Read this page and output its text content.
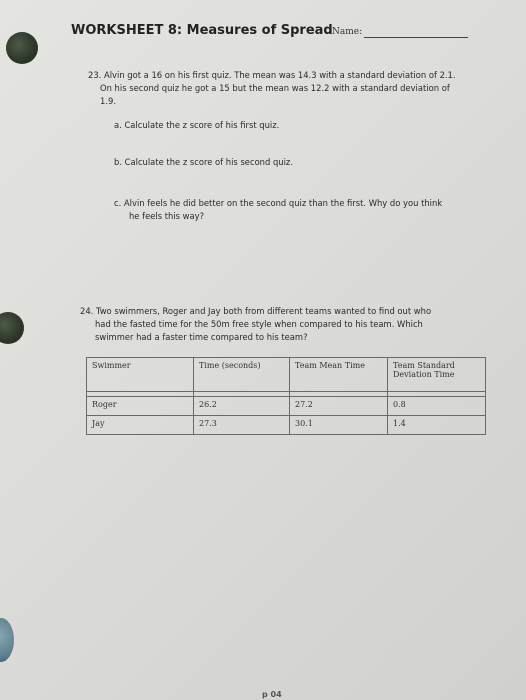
WORKSHEET 8: Measures of Spread Name:
23. Alvin got a 16 on his first quiz. The mean was 14.3 with a standard deviation of 2.1.
On his second quiz he got a 15 but the mean was 12.2 with a standard deviation of
1.9.
a. Calculate the z score of his first quiz.
b. Calculate the z score of his second quiz.
c. Alvin feels he did better on the second quiz than the first. Why do you think
he feels this way?
24. Two swimmers, Roger and Jay both from different teams wanted to find out who
had the fasted time for the 50m free style when compared to his team. Which
swimmer had a faster time compared to his team?
Swimmer	Time (seconds)	Team Mean Time	Team Standard
Deviation Time

Roger	26.2	27.2	0.8
Jay	27.3	30.1	1.4
p 04
